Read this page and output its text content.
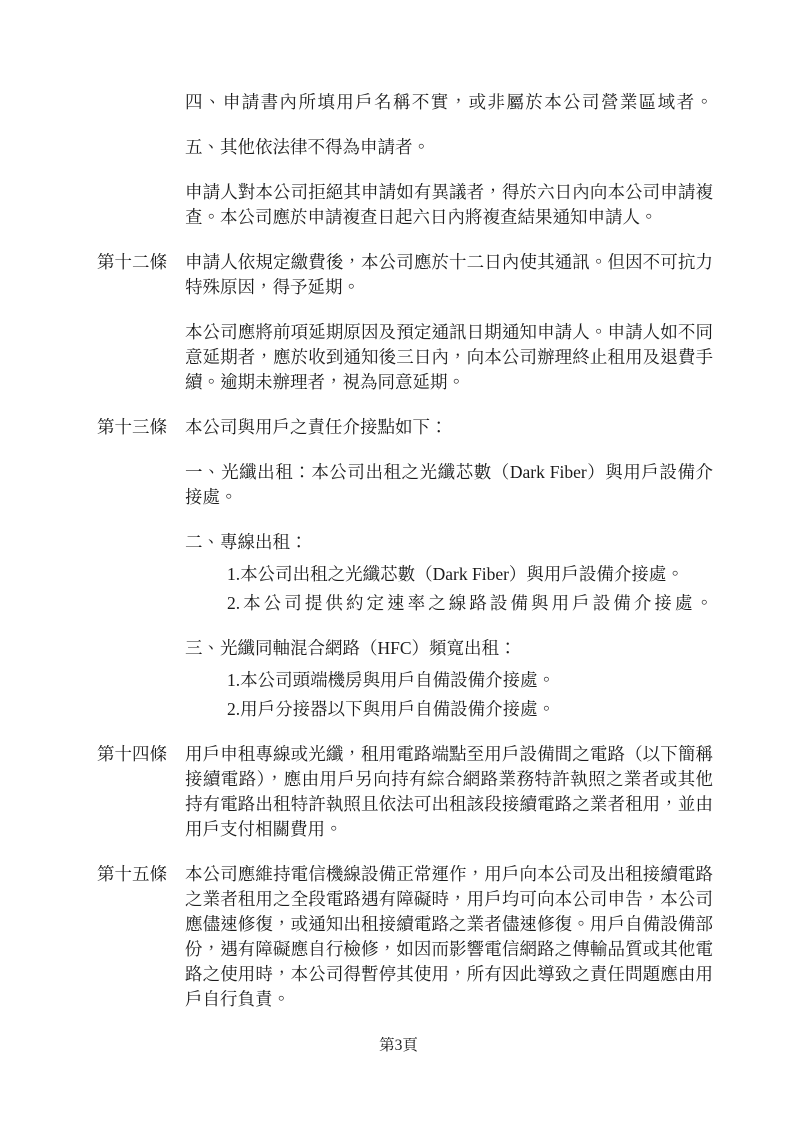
四、申請書內所填用戶名稱不實，或非屬於本公司營業區域者。
五、其他依法律不得為申請者。
申請人對本公司拒絕其申請如有異議者，得於六日內向本公司申請複查。本公司應於申請複查日起六日內將複查結果通知申請人。
第十二條	申請人依規定繳費後，本公司應於十二日內使其通訊。但因不可抗力特殊原因，得予延期。
本公司應將前項延期原因及預定通訊日期通知申請人。申請人如不同意延期者，應於收到通知後三日內，向本公司辦理終止租用及退費手續。逾期未辦理者，視為同意延期。
第十三條	本公司與用戶之責任介接點如下：
一、光纖出租：本公司出租之光纖芯數（Dark Fiber）與用戶設備介接處。
二、專線出租：
1.本公司出租之光纖芯數（Dark Fiber）與用戶設備介接處。
2.本公司提供約定速率之線路設備與用戶設備介接處。
三、光纖同軸混合網路（HFC）頻寬出租：
1.本公司頭端機房與用戶自備設備介接處。
2.用戶分接器以下與用戶自備設備介接處。
第十四條	用戶申租專線或光纖，租用電路端點至用戶設備間之電路（以下簡稱接續電路），應由用戶另向持有綜合網路業務特許執照之業者或其他持有電路出租特許執照且依法可出租該段接續電路之業者租用，並由用戶支付相關費用。
第十五條	本公司應維持電信機線設備正常運作，用戶向本公司及出租接續電路之業者租用之全段電路遇有障礙時，用戶均可向本公司申告，本公司應儘速修復，或通知出租接續電路之業者儘速修復。用戶自備設備部份，遇有障礙應自行檢修，如因而影響電信網路之傳輸品質或其他電路之使用時，本公司得暫停其使用，所有因此導致之責任問題應由用戶自行負責。
第3頁
